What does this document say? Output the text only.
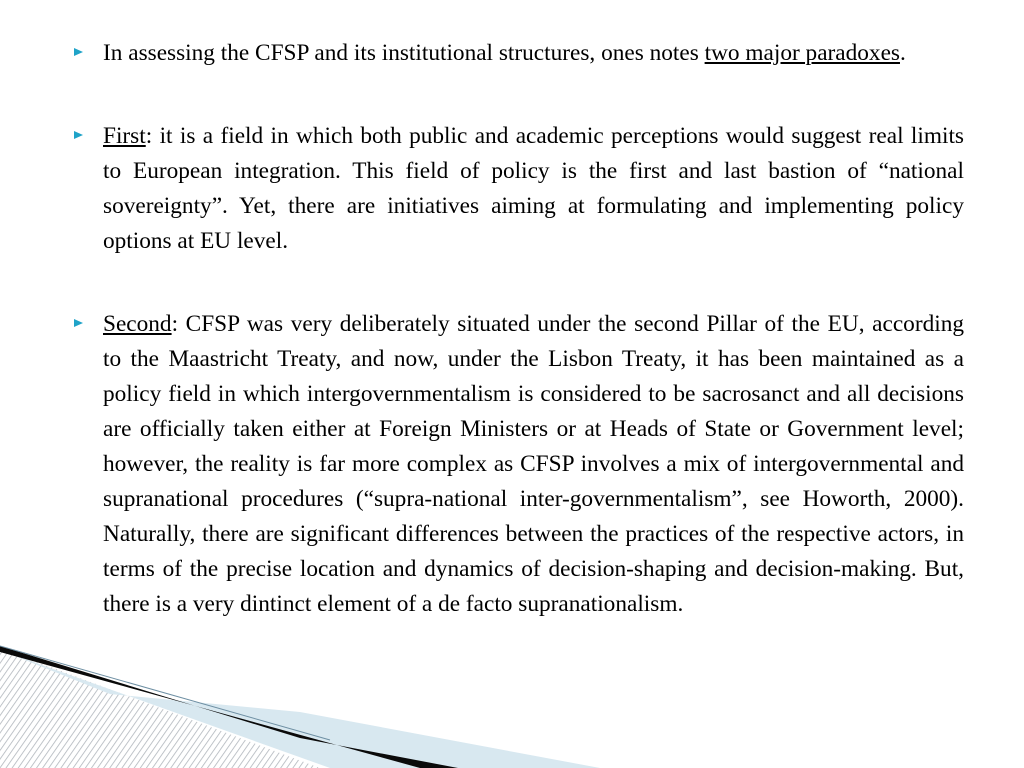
In assessing the CFSP and its institutional structures, ones notes two major paradoxes.
First: it is a field in which both public and academic perceptions would suggest real limits to European integration. This field of policy is the first and last bastion of “national sovereignty”. Yet, there are initiatives aiming at formulating and implementing policy options at EU level.
Second: CFSP was very deliberately situated under the second Pillar of the EU, according to the Maastricht Treaty, and now, under the Lisbon Treaty, it has been maintained as a policy field in which intergovernmentalism is considered to be sacrosanct and all decisions are officially taken either at Foreign Ministers or at Heads of State or Government level; however, the reality is far more complex as CFSP involves a mix of intergovernmental and supranational procedures (“supra-national inter-governmentalism”, see Howorth, 2000). Naturally, there are significant differences between the practices of the respective actors, in terms of the precise location and dynamics of decision-shaping and decision-making. But, there is a very dintinct element of a de facto supranationalism.
